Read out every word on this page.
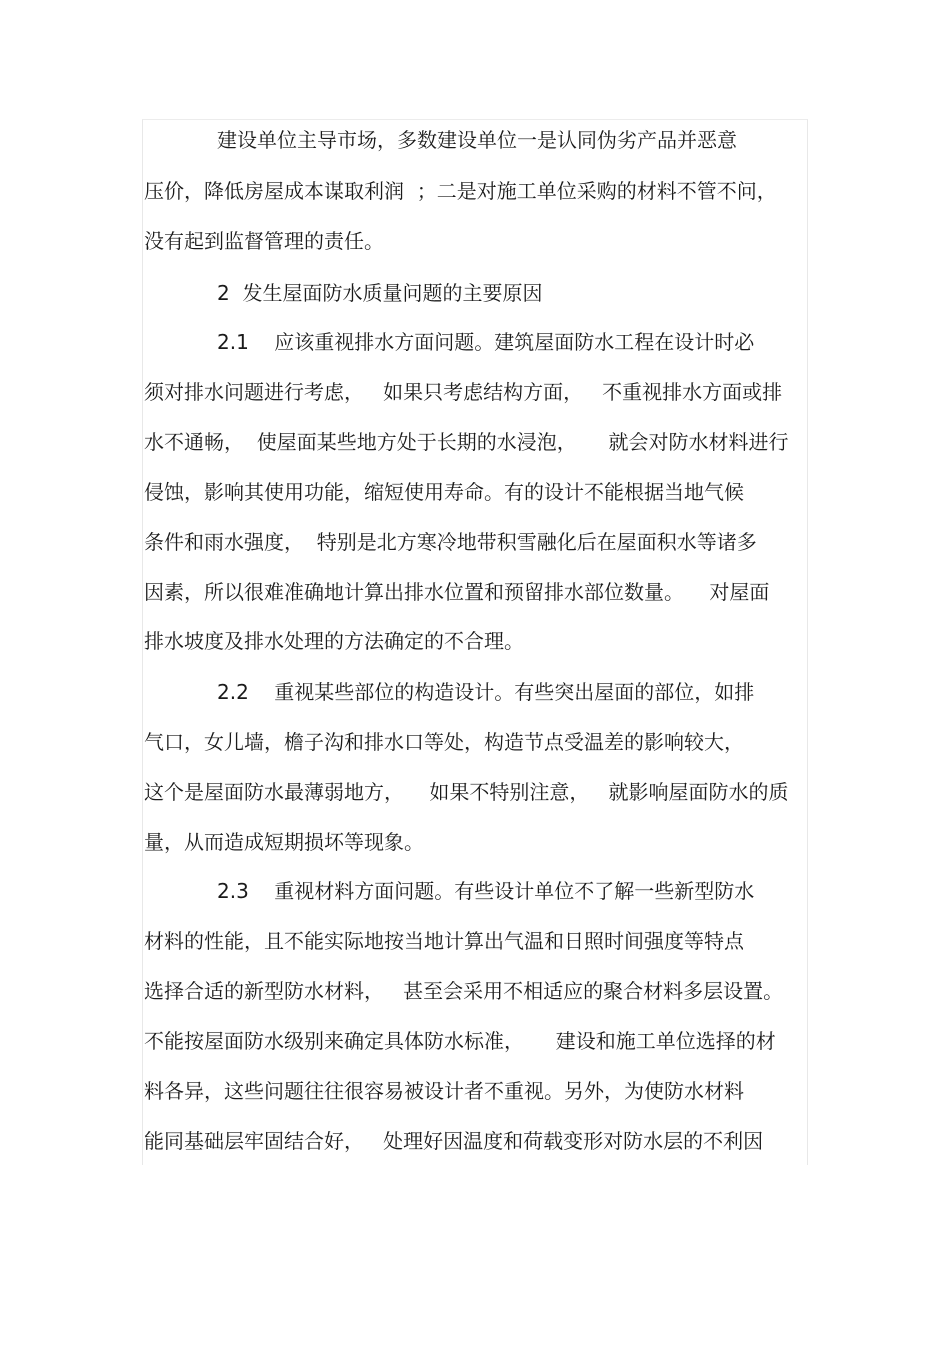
建设单位主导市场，多数建设单位一是认同伪劣产品并恶意
压价，降低房屋成本谋取利润  ；二是对施工单位采购的材料不管不问，
没有起到监督管理的责任。
2  发生屋面防水质量问题的主要原因
2.1    应该重视排水方面问题。建筑屋面防水工程在设计时必
须对排水问题进行考虑，   如果只考虑结构方面，   不重视排水方面或排
水不通畅，  使屋面某些地方处于长期的水浸泡，     就会对防水材料进行
侵蚀，影响其使用功能，缩短使用寿命。有的设计不能根据当地气候
条件和雨水强度，  特别是北方寒冷地带积雪融化后在屋面积水等诸多
因素，所以很难准确地计算出排水位置和预留排水部位数量。    对屋面
排水坡度及排水处理的方法确定的不合理。
2.2    重视某些部位的构造设计。有些突出屋面的部位，如排
气口，女儿墙，檐子沟和排水口等处，构造节点受温差的影响较大，
这个是屋面防水最薄弱地方，    如果不特别注意，   就影响屋面防水的质
量，从而造成短期损坏等现象。
2.3    重视材料方面问题。有些设计单位不了解一些新型防水
材料的性能，且不能实际地按当地计算出气温和日照时间强度等特点
选择合适的新型防水材料，   甚至会采用不相适应的聚合材料多层设置。
不能按屋面防水级别来确定具体防水标准，     建设和施工单位选择的材
料各异，这些问题往往很容易被设计者不重视。另外，为使防水材料
能同基础层牢固结合好，   处理好因温度和荷载变形对防水层的不利因
